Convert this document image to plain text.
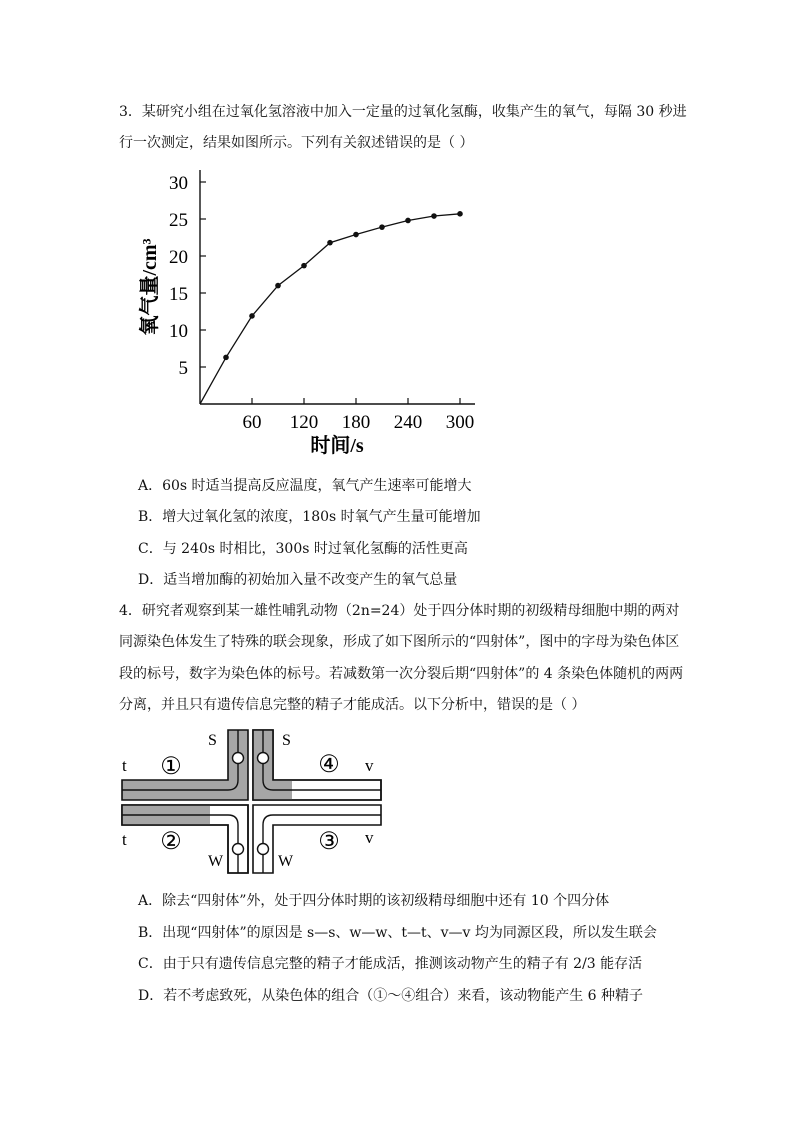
3．某研究小组在过氧化氢溶液中加入一定量的过氧化氢酶，收集产生的氧气，每隔 30 秒进

行一次测定，结果如图所示。下列有关叙述错误的是（ ）

5
10
15
20
25
30
60 120 180 240 300
时间/s
氧气量/cm³

A．60s 时适当提高反应温度，氧气产生速率可能增大

B．增大过氧化氢的浓度，180s 时氧气产生量可能增加

C．与 240s 时相比，300s 时过氧化氢酶的活性更高

D．适当增加酶的初始加入量不改变产生的氧气总量

4．研究者观察到某一雄性哺乳动物（2n=24）处于四分体时期的初级精母细胞中期的两对

同源染色体发生了特殊的联会现象，形成了如下图所示的“四射体”，图中的字母为染色体区

段的标号，数字为染色体的标号。若减数第一次分裂后期“四射体”的 4 条染色体随机的两两

分离，并且只有遗传信息完整的精子才能成活。以下分析中，错误的是（ ）

t
t
S	S
W	W
v
v
①
②	③
④

A．除去“四射体”外，处于四分体时期的该初级精母细胞中还有 10 个四分体

B．出现“四射体”的原因是 s—s、w—w、t—t、v—v 均为同源区段，所以发生联会

C．由于只有遗传信息完整的精子才能成活，推测该动物产生的精子有 2/3 能存活

D．若不考虑致死，从染色体的组合（①～④组合）来看，该动物能产生 6 种精子
